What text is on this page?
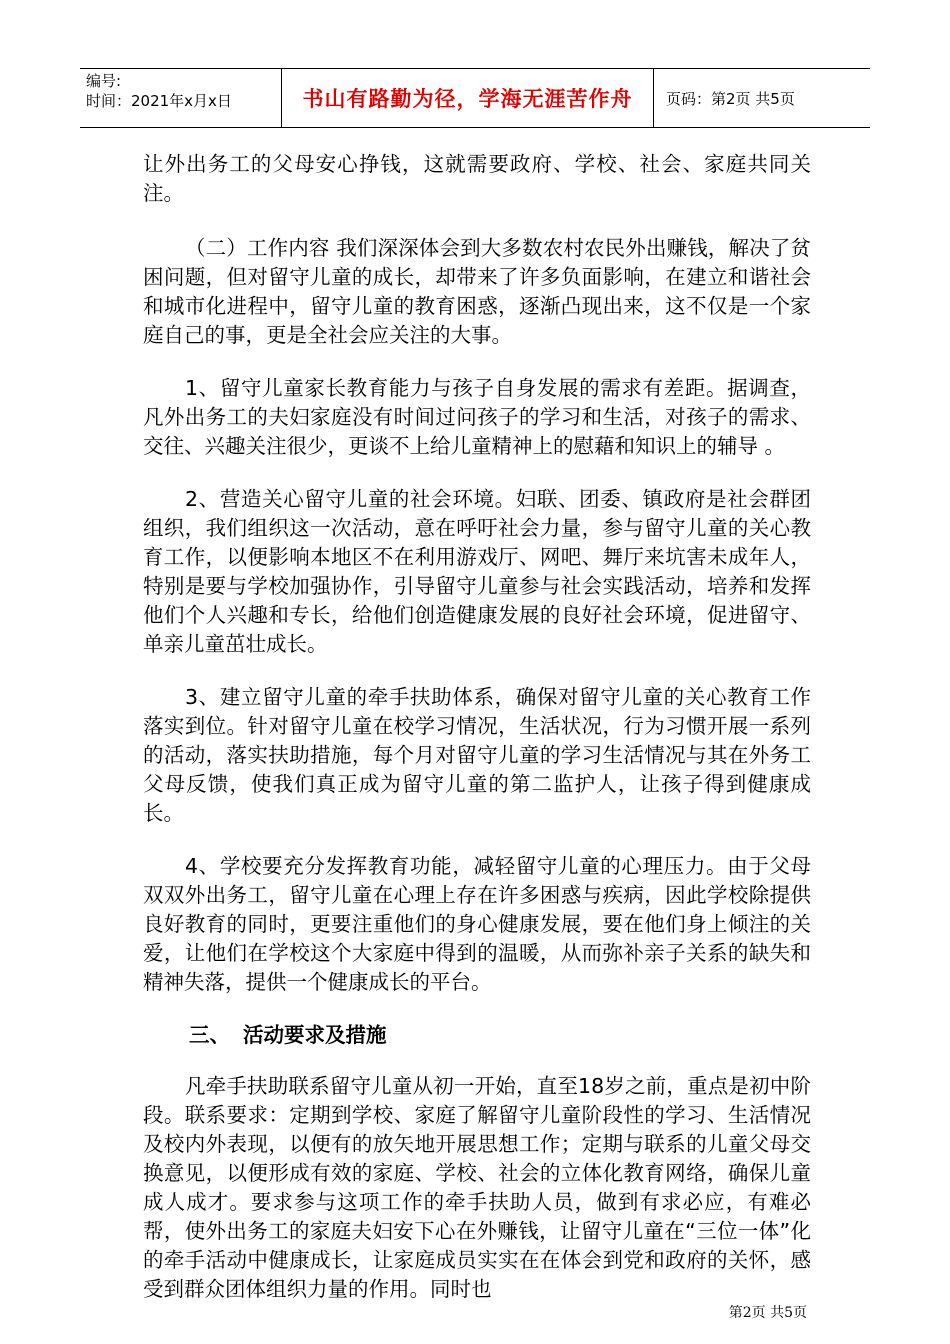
编号:
时间：2021年x月x日	书山有路勤为径，学海无涯苦作舟	页码：第2页 共5页

让外出务工的父母安心挣钱，这就需要政府、学校、社会、家庭共同关注。

（二）工作内容 我们深深体会到大多数农村农民外出赚钱，解决了贫困问题，但对留守儿童的成长，却带来了许多负面影响，在建立和谐社会和城市化进程中，留守儿童的教育困惑，逐渐凸现出来，这不仅是一个家庭自己的事，更是全社会应关注的大事。

1、留守儿童家长教育能力与孩子自身发展的需求有差距。据调查，凡外出务工的夫妇家庭没有时间过问孩子的学习和生活，对孩子的需求、交往、兴趣关注很少，更谈不上给儿童精神上的慰藉和知识上的辅导 。

2、营造关心留守儿童的社会环境。妇联、团委、镇政府是社会群团组织，我们组织这一次活动，意在呼吁社会力量，参与留守儿童的关心教育工作，以便影响本地区不在利用游戏厅、网吧、舞厅来坑害未成年人，特别是要与学校加强协作，引导留守儿童参与社会实践活动，培养和发挥他们个人兴趣和专长，给他们创造健康发展的良好社会环境，促进留守、单亲儿童茁壮成长。

3、建立留守儿童的牵手扶助体系，确保对留守儿童的关心教育工作落实到位。针对留守儿童在校学习情况，生活状况，行为习惯开展一系列的活动，落实扶助措施，每个月对留守儿童的学习生活情况与其在外务工父母反馈，使我们真正成为留守儿童的第二监护人，让孩子得到健康成长。

4、学校要充分发挥教育功能，减轻留守儿童的心理压力。由于父母双双外出务工，留守儿童在心理上存在许多困惑与疾病，因此学校除提供良好教育的同时，更要注重他们的身心健康发展，要在他们身上倾注的关爱，让他们在学校这个大家庭中得到的温暖，从而弥补亲子关系的缺失和精神失落，提供一个健康成长的平台。

三、 活动要求及措施

凡牵手扶助联系留守儿童从初一开始，直至18岁之前，重点是初中阶段。联系要求：定期到学校、家庭了解留守儿童阶段性的学习、生活情况及校内外表现，以便有的放矢地开展思想工作；定期与联系的儿童父母交换意见，以便形成有效的家庭、学校、社会的立体化教育网络，确保儿童成人成才。要求参与这项工作的牵手扶助人员，做到有求必应，有难必帮，使外出务工的家庭夫妇安下心在外赚钱，让留守儿童在“三位一体”化的牵手活动中健康成长，让家庭成员实实在在体会到党和政府的关怀，感受到群众团体组织力量的作用。同时也

第2页 共5页
